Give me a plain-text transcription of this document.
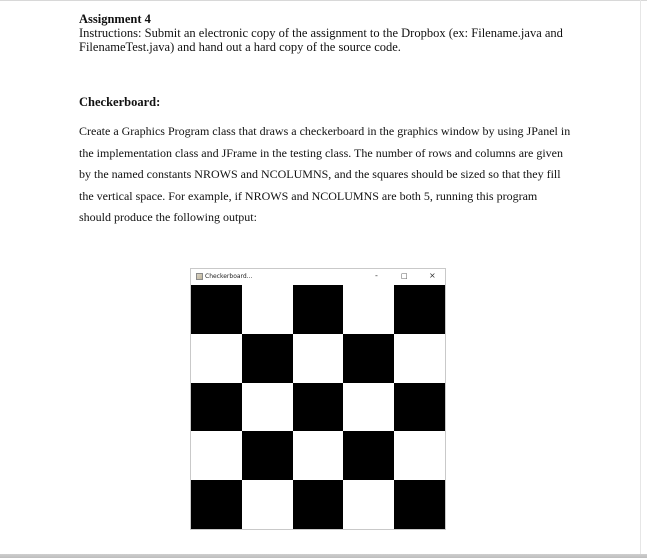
Assignment 4

Instructions: Submit an electronic copy of the assignment to the Dropbox (ex: Filename.java and

FilenameTest.java) and hand out a hard copy of the source code.

Checkerboard:

Create a Graphics Program class that draws a checkerboard in the graphics window by using JPanel in the implementation class and JFrame in the testing class. The number of rows and columns are given by the named constants NROWS and NCOLUMNS, and the squares should be sized so that they fill the vertical space. For example, if NROWS and NCOLUMNS are both 5, running this program should produce the following output:

Checkerboard...	-	□	×
